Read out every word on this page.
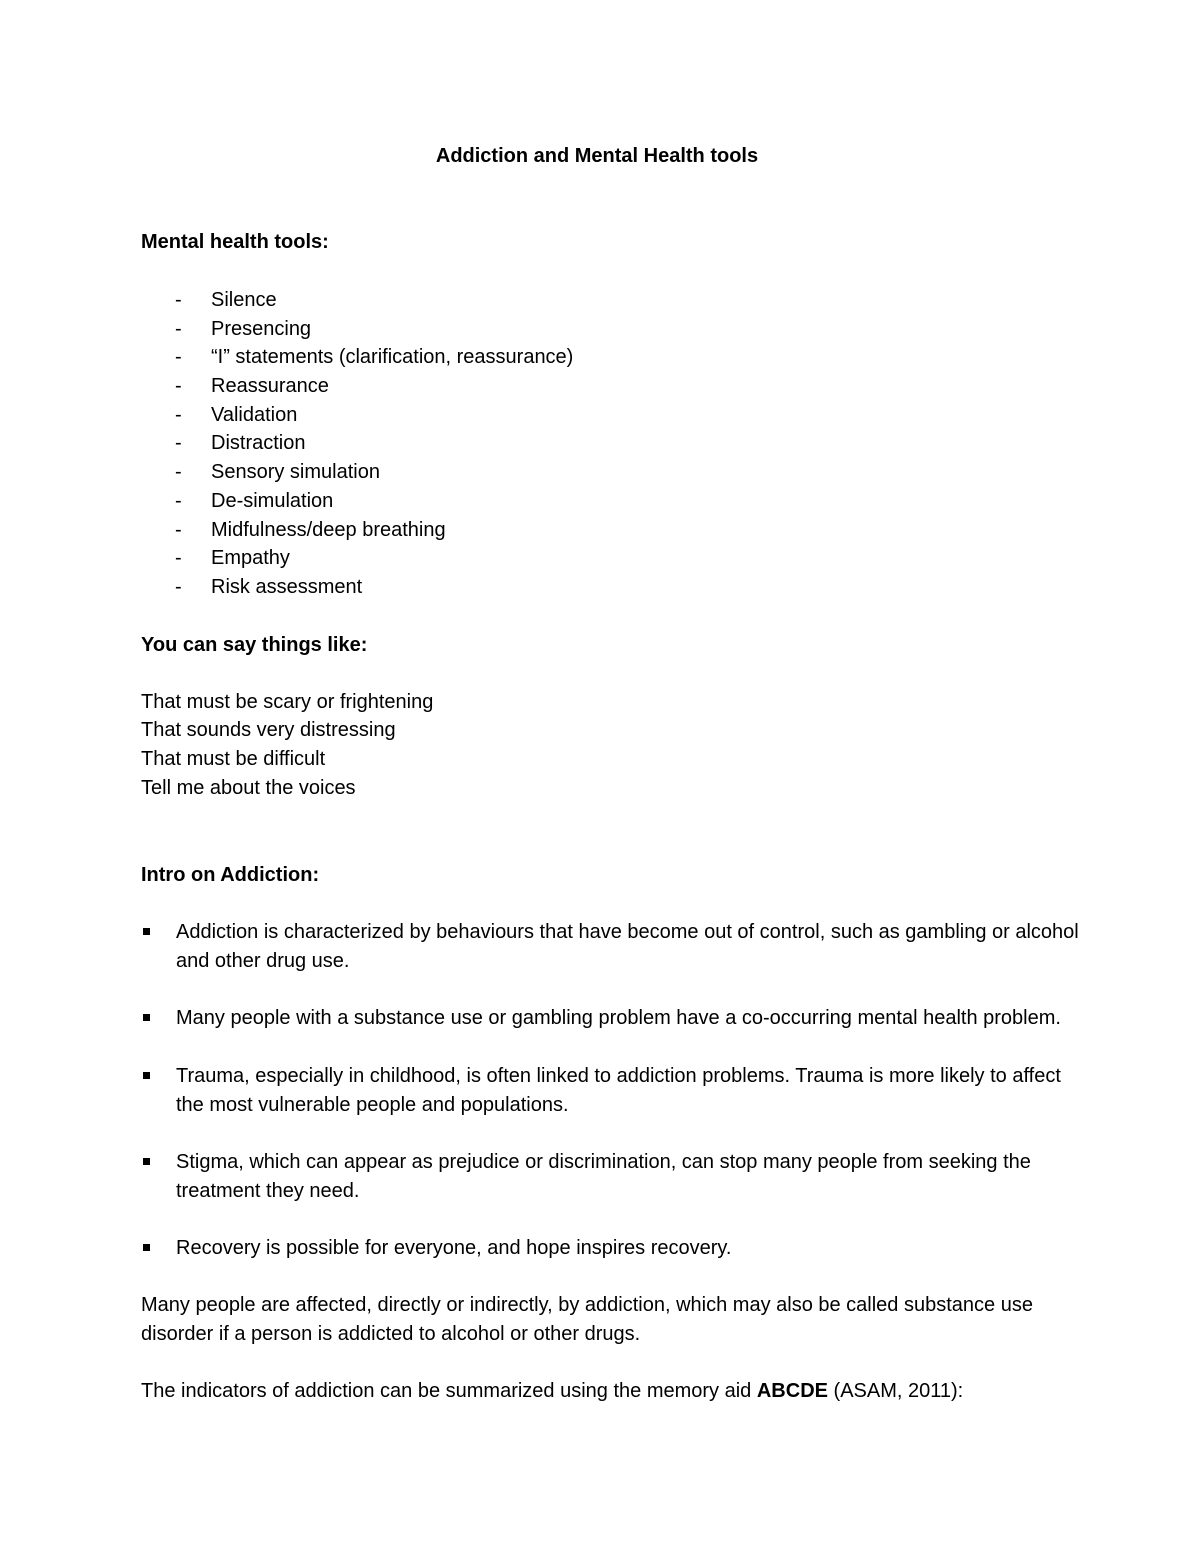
Addiction and Mental Health tools
Mental health tools:
- Silence
- Presencing
- “I” statements (clarification, reassurance)
- Reassurance
- Validation
- Distraction
- Sensory simulation
- De-simulation
- Midfulness/deep breathing
- Empathy
- Risk assessment
You can say things like:
That must be scary or frightening
That sounds very distressing
That must be difficult
Tell me about the voices
Intro on Addiction:
Addiction is characterized by behaviours that have become out of control, such as gambling or alcohol and other drug use.
Many people with a substance use or gambling problem have a co-occurring mental health problem.
Trauma, especially in childhood, is often linked to addiction problems. Trauma is more likely to affect the most vulnerable people and populations.
Stigma, which can appear as prejudice or discrimination, can stop many people from seeking the treatment they need.
Recovery is possible for everyone, and hope inspires recovery.
Many people are affected, directly or indirectly, by addiction, which may also be called substance use disorder if a person is addicted to alcohol or other drugs.
The indicators of addiction can be summarized using the memory aid ABCDE (ASAM, 2011):
